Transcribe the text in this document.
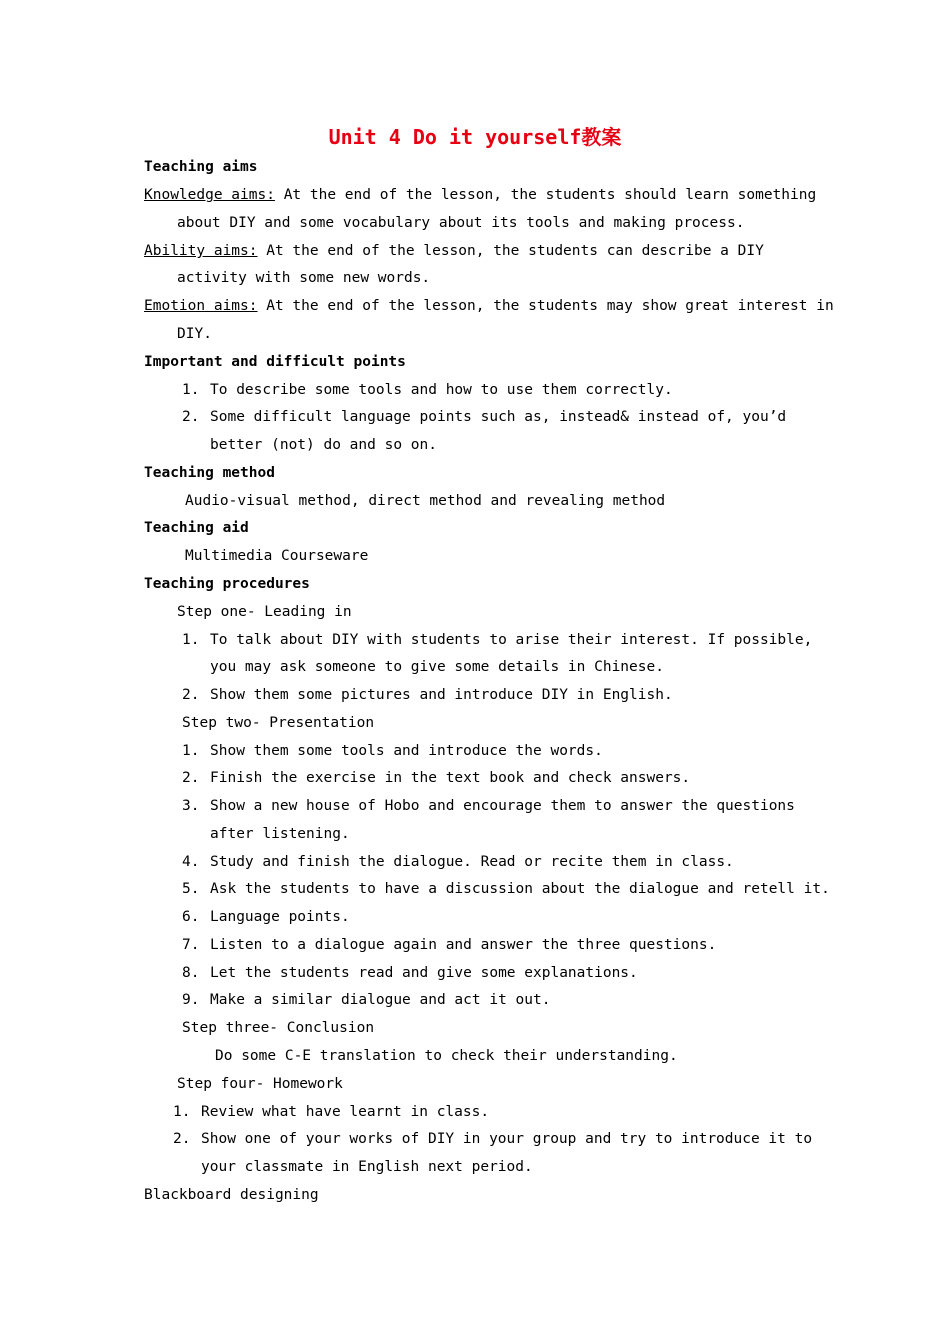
Unit 4 Do it yourself教案
Teaching aims
Knowledge aims: At the end of the lesson, the students should learn something
about DIY and some vocabulary about its tools and making process.
Ability aims: At the end of the lesson, the students can describe a DIY
activity with some new words.
Emotion aims: At the end of the lesson, the students may show great interest in
DIY.
Important and difficult points
1. To describe some tools and how to use them correctly.
2. Some difficult language points such as, instead& instead of, you’d
better (not) do and so on.
Teaching method
Audio-visual method, direct method and revealing method
Teaching aid
Multimedia Courseware
Teaching procedures
Step one- Leading in
1. To talk about DIY with students to arise their interest. If possible,
you may ask someone to give some details in Chinese.
2. Show them some pictures and introduce DIY in English.
Step two- Presentation
1. Show them some tools and introduce the words.
2. Finish the exercise in the text book and check answers.
3. Show a new house of Hobo and encourage them to answer the questions
after listening.
4. Study and finish the dialogue. Read or recite them in class.
5. Ask the students to have a discussion about the dialogue and retell it.
6. Language points.
7. Listen to a dialogue again and answer the three questions.
8. Let the students read and give some explanations.
9. Make a similar dialogue and act it out.
Step three- Conclusion
Do some C-E translation to check their understanding.
Step four- Homework
1. Review what have learnt in class.
2. Show one of your works of DIY in your group and try to introduce it to
your classmate in English next period.
Blackboard designing
